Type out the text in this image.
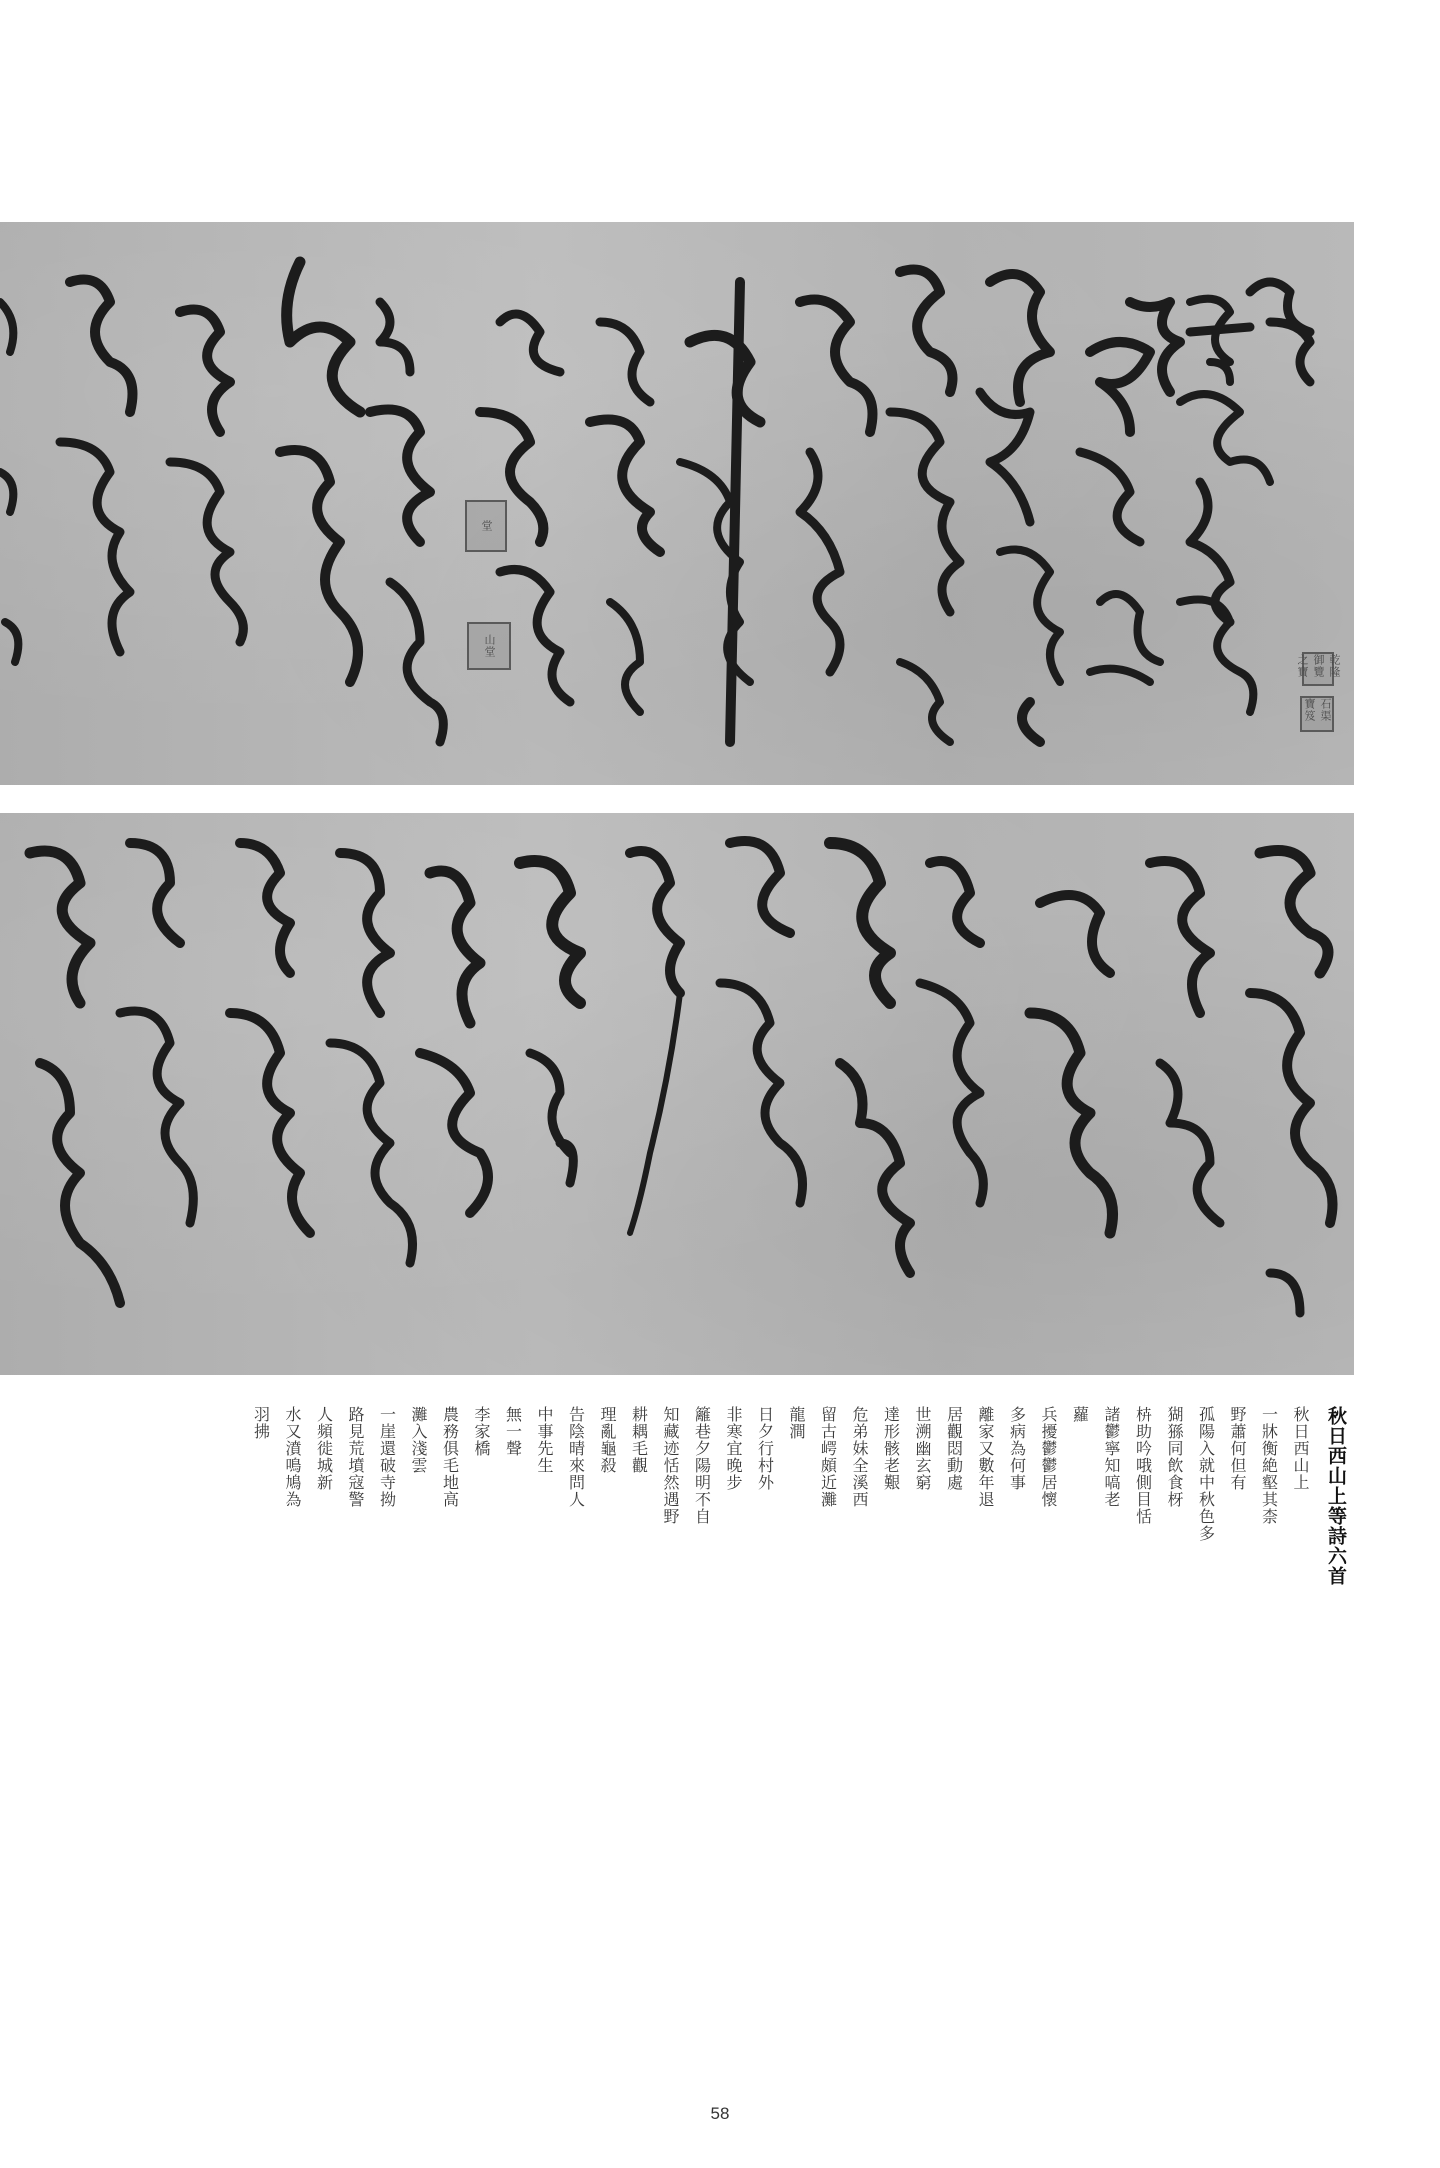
乾隆御覽之寶
石渠寶笈
堂
山堂
秋日西山上等詩六首
秋日西山上
一牀衡絶壑其柰
野蕭何但有
孤陽入就中秋色多
猢猻同飲食枒
枿助吟哦側目恬
諸鬱寧知嗃老
蘿
兵擾鬱鬱居懷
多病為何事
離家又數年退
居觀悶動處
世溯幽玄窮
達形骸老艱
危弟妹全溪西
留古崿頗近灘
龍澗
日夕行村外
非寒宜晚步
籬巷夕陽明不自
知藏迹恬然遇野
耕耦毛觀
理亂龜殺
告陰晴來問人
中事先生
無一聲
李家橋
農務俱毛地高
灘入淺雲
一崖還破寺拗
路見荒墳寇警
人頻徙城新
水又濆鳴鳩為
羽拂
58
